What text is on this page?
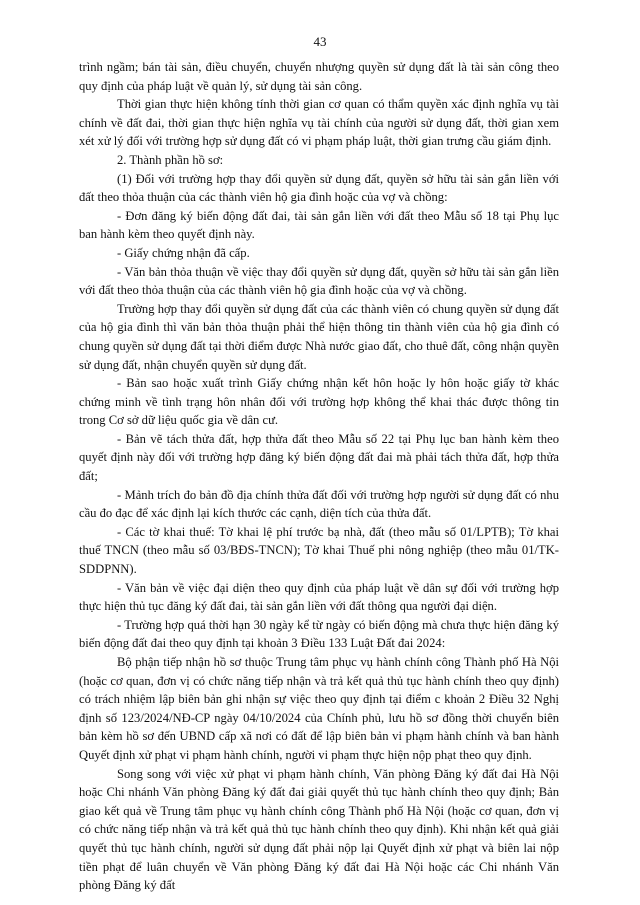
43

trình ngầm; bán tài sản, điều chuyển, chuyển nhượng quyền sử dụng đất là tài sản công theo quy định của pháp luật về quản lý, sử dụng tài sản công.

Thời gian thực hiện không tính thời gian cơ quan có thẩm quyền xác định nghĩa vụ tài chính về đất đai, thời gian thực hiện nghĩa vụ tài chính của người sử dụng đất, thời gian xem xét xử lý đối với trường hợp sử dụng đất có vi phạm pháp luật, thời gian trưng cầu giám định.

2. Thành phần hồ sơ:

(1) Đối với trường hợp thay đổi quyền sử dụng đất, quyền sở hữu tài sản gắn liền với đất theo thỏa thuận của các thành viên hộ gia đình hoặc của vợ và chồng:

- Đơn đăng ký biến động đất đai, tài sản gắn liền với đất theo Mẫu số 18 tại Phụ lục ban hành kèm theo quyết định này.

- Giấy chứng nhận đã cấp.

- Văn bản thỏa thuận về việc thay đổi quyền sử dụng đất, quyền sở hữu tài sản gắn liền với đất theo thỏa thuận của các thành viên hộ gia đình hoặc của vợ và chồng.

Trường hợp thay đổi quyền sử dụng đất của các thành viên có chung quyền sử dụng đất của hộ gia đình thì văn bản thỏa thuận phải thể hiện thông tin thành viên của hộ gia đình có chung quyền sử dụng đất tại thời điểm được Nhà nước giao đất, cho thuê đất, công nhận quyền sử dụng đất, nhận chuyển quyền sử dụng đất.

- Bản sao hoặc xuất trình Giấy chứng nhận kết hôn hoặc ly hôn hoặc giấy tờ khác chứng minh về tình trạng hôn nhân đối với trường hợp không thể khai thác được thông tin trong Cơ sở dữ liệu quốc gia về dân cư.

- Bản vẽ tách thửa đất, hợp thửa đất theo Mẫu số 22 tại Phụ lục ban hành kèm theo quyết định này đối với trường hợp đăng ký biến động đất đai mà phải tách thửa đất, hợp thửa đất;

- Mảnh trích đo bản đồ địa chính thửa đất đối với trường hợp người sử dụng đất có nhu cầu đo đạc để xác định lại kích thước các cạnh, diện tích của thửa đất.

- Các tờ khai thuế: Tờ khai lệ phí trước bạ nhà, đất (theo mẫu số 01/LPTB); Tờ khai thuế TNCN (theo mẫu số 03/BĐS-TNCN); Tờ khai Thuế phi nông nghiệp (theo mẫu 01/TK-SDDPNN).

- Văn bản về việc đại diện theo quy định của pháp luật về dân sự đối với trường hợp thực hiện thủ tục đăng ký đất đai, tài sản gắn liền với đất thông qua người đại diện.

- Trường hợp quá thời hạn 30 ngày kể từ ngày có biến động mà chưa thực hiện đăng ký biến động đất đai theo quy định tại khoản 3 Điều 133 Luật Đất đai 2024:

Bộ phận tiếp nhận hồ sơ thuộc Trung tâm phục vụ hành chính công Thành phố Hà Nội (hoặc cơ quan, đơn vị có chức năng tiếp nhận và trả kết quả thủ tục hành chính theo quy định) có trách nhiệm lập biên bản ghi nhận sự việc theo quy định tại điểm c khoản 2 Điều 32 Nghị định số 123/2024/NĐ-CP ngày 04/10/2024 của Chính phủ, lưu hồ sơ đồng thời chuyển biên bản kèm hồ sơ đến UBND cấp xã nơi có đất để lập biên bản vi phạm hành chính và ban hành Quyết định xử phạt vi phạm hành chính, người vi phạm thực hiện nộp phạt theo quy định.

Song song với việc xử phạt vi phạm hành chính, Văn phòng Đăng ký đất đai Hà Nội hoặc Chi nhánh Văn phòng Đăng ký đất đai giải quyết thủ tục hành chính theo quy định; Bản giao kết quả về Trung tâm phục vụ hành chính công Thành phố Hà Nội (hoặc cơ quan, đơn vị có chức năng tiếp nhận và trả kết quả thủ tục hành chính theo quy định). Khi nhận kết quả giải quyết thủ tục hành chính, người sử dụng đất phải nộp lại Quyết định xử phạt và biên lai nộp tiền phạt để luân chuyển về Văn phòng Đăng ký đất đai Hà Nội hoặc các Chi nhánh Văn phòng Đăng ký đất
